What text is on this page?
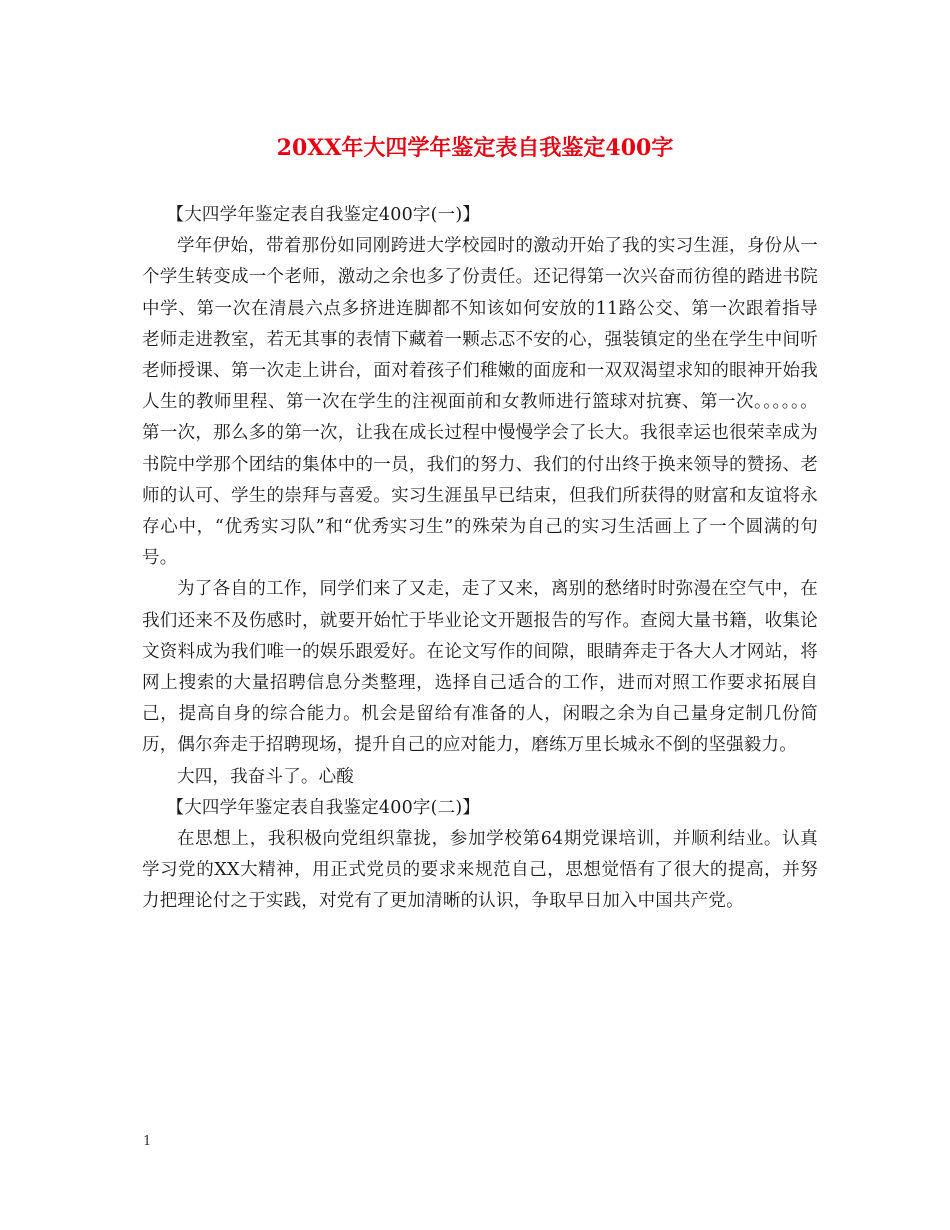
20XX年大四学年鉴定表自我鉴定400字

【大四学年鉴定表自我鉴定400字(一)】

学年伊始，带着那份如同刚跨进大学校园时的激动开始了我的实习生涯，身份从一个学生转变成一个老师，激动之余也多了份责任。还记得第一次兴奋而彷徨的踏进书院中学、第一次在清晨六点多挤进连脚都不知该如何安放的11路公交、第一次跟着指导老师走进教室，若无其事的表情下藏着一颗忐忑不安的心，强装镇定的坐在学生中间听老师授课、第一次走上讲台，面对着孩子们稚嫩的面庞和一双双渴望求知的眼神开始我人生的教师里程、第一次在学生的注视面前和女教师进行篮球对抗赛、第一次。。。。。。第一次，那么多的第一次，让我在成长过程中慢慢学会了长大。我很幸运也很荣幸成为书院中学那个团结的集体中的一员，我们的努力、我们的付出终于换来领导的赞扬、老师的认可、学生的崇拜与喜爱。实习生涯虽早已结束，但我们所获得的财富和友谊将永存心中，“优秀实习队”和“优秀实习生”的殊荣为自己的实习生活画上了一个圆满的句号。

为了各自的工作，同学们来了又走，走了又来，离别的愁绪时时弥漫在空气中，在我们还来不及伤感时，就要开始忙于毕业论文开题报告的写作。查阅大量书籍，收集论文资料成为我们唯一的娱乐跟爱好。在论文写作的间隙，眼睛奔走于各大人才网站，将网上搜索的大量招聘信息分类整理，选择自己适合的工作，进而对照工作要求拓展自己，提高自身的综合能力。机会是留给有准备的人，闲暇之余为自己量身定制几份简历，偶尔奔走于招聘现场，提升自己的应对能力，磨练万里长城永不倒的坚强毅力。

大四，我奋斗了。心酸

【大四学年鉴定表自我鉴定400字(二)】

在思想上，我积极向党组织靠拢，参加学校第64期党课培训，并顺利结业。认真学习党的XX大精神，用正式党员的要求来规范自己，思想觉悟有了很大的提高，并努力把理论付之于实践，对党有了更加清晰的认识，争取早日加入中国共产党。

1
